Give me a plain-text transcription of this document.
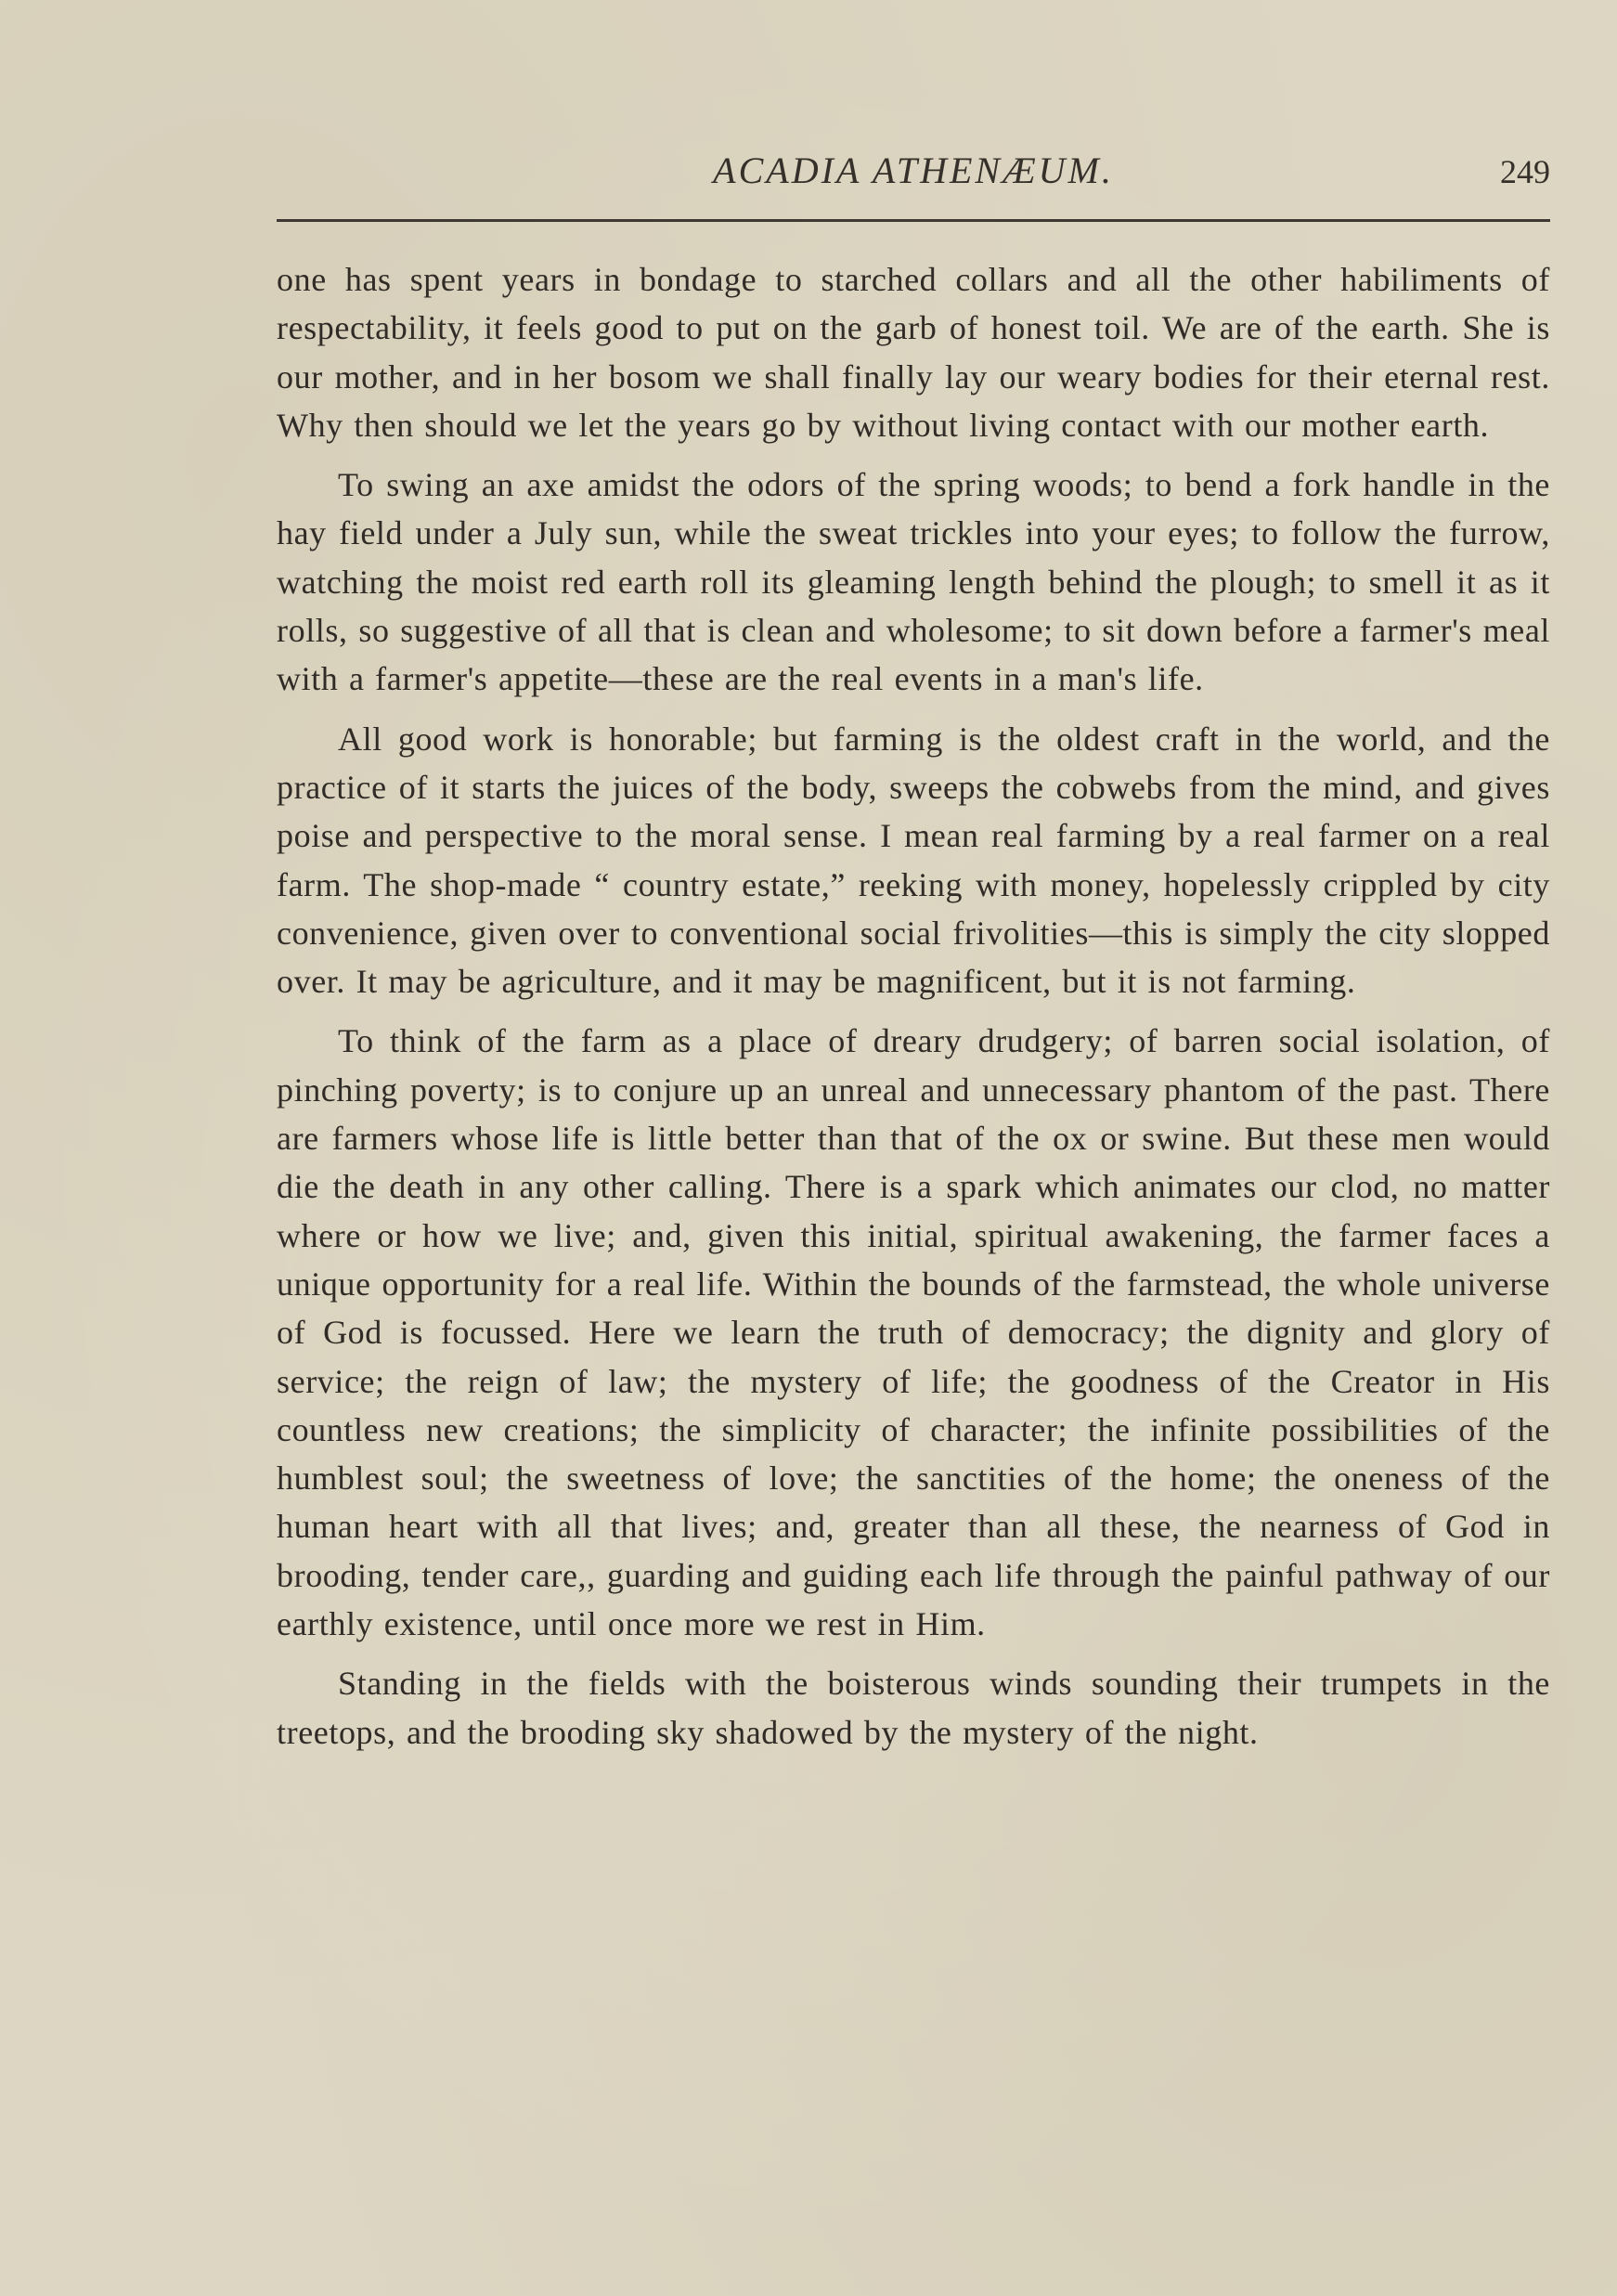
ACADIA ATHENÆUM.	249

one has spent years in bondage to starched collars and all the other habiliments of respectability, it feels good to put on the garb of honest toil. We are of the earth. She is our mother, and in her bosom we shall finally lay our weary bodies for their eternal rest. Why then should we let the years go by without living contact with our mother earth.

To swing an axe amidst the odors of the spring woods; to bend a fork handle in the hay field under a July sun, while the sweat trickles into your eyes; to follow the furrow, watching the moist red earth roll its gleaming length behind the plough; to smell it as it rolls, so suggestive of all that is clean and wholesome; to sit down before a farmer's meal with a farmer's appetite—these are the real events in a man's life.

All good work is honorable; but farming is the oldest craft in the world, and the practice of it starts the juices of the body, sweeps the cobwebs from the mind, and gives poise and perspective to the moral sense. I mean real farming by a real farmer on a real farm. The shop-made “ country estate,” reeking with money, hopelessly crippled by city convenience, given over to conventional social frivolities—this is simply the city slopped over. It may be agriculture, and it may be magnificent, but it is not farming.

To think of the farm as a place of dreary drudgery; of barren social isolation, of pinching poverty; is to conjure up an unreal and unnecessary phantom of the past. There are farmers whose life is little better than that of the ox or swine. But these men would die the death in any other calling. There is a spark which animates our clod, no matter where or how we live; and, given this initial, spiritual awakening, the farmer faces a unique opportunity for a real life. Within the bounds of the farmstead, the whole universe of God is focussed. Here we learn the truth of democracy; the dignity and glory of service; the reign of law; the mystery of life; the goodness of the Creator in His countless new creations; the simplicity of character; the infinite possibilities of the humblest soul; the sweetness of love; the sanctities of the home; the oneness of the human heart with all that lives; and, greater than all these, the nearness of God in brooding, tender care,, guarding and guiding each life through the painful pathway of our earthly existence, until once more we rest in Him.

Standing in the fields with the boisterous winds sounding their trumpets in the treetops, and the brooding sky shadowed by the mystery of the night.
